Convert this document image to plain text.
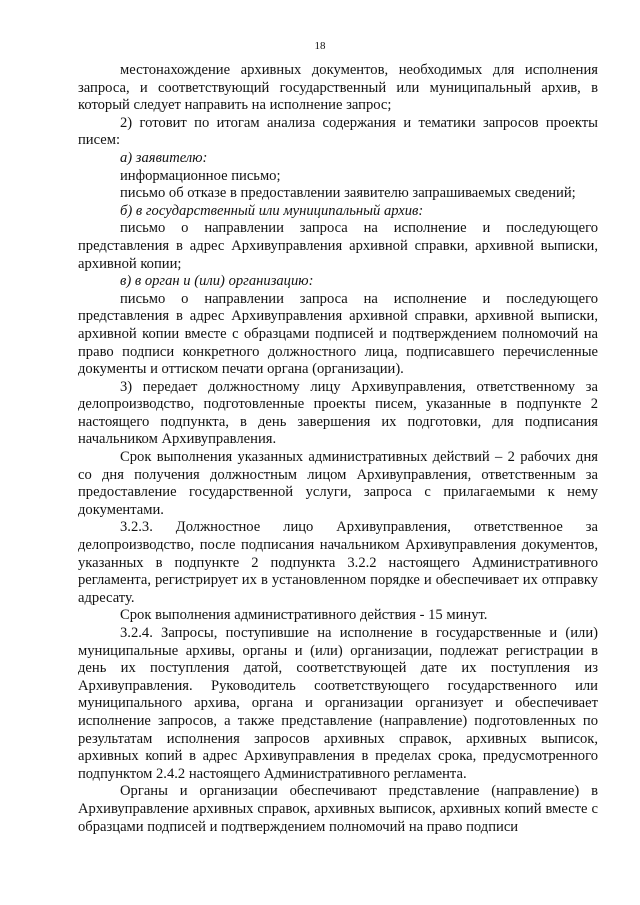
18

местонахождение архивных документов, необходимых для исполнения запроса, и соответствующий государственный или муниципальный архив, в который следует направить на исполнение запрос;

2) готовит по итогам анализа содержания и тематики запросов проекты писем:

а) заявителю:

информационное письмо;

письмо об отказе в предоставлении заявителю запрашиваемых сведений;

б) в государственный или муниципальный архив:

письмо о направлении запроса на исполнение и последующего представления в адрес Архивуправления архивной справки, архивной выписки, архивной копии;

в) в орган и (или) организацию:

письмо о направлении запроса на исполнение и последующего представления в адрес Архивуправления архивной справки, архивной выписки, архивной копии вместе с образцами подписей и подтверждением полномочий на право подписи конкретного должностного лица, подписавшего перечисленные документы и оттиском печати органа (организации).

3) передает должностному лицу Архивуправления, ответственному за делопроизводство, подготовленные проекты писем, указанные в подпункте 2 настоящего подпункта, в день завершения их подготовки, для подписания начальником Архивуправления.

Срок выполнения указанных административных действий – 2 рабочих дня со дня получения должностным лицом Архивуправления, ответственным за предоставление государственной услуги, запроса с прилагаемыми к нему документами.

3.2.3. Должностное лицо Архивуправления, ответственное за делопроизводство, после подписания начальником Архивуправления документов, указанных в подпункте 2 подпункта 3.2.2 настоящего Административного регламента, регистрирует их в установленном порядке и обеспечивает их отправку адресату.

Срок выполнения административного действия - 15 минут.

3.2.4. Запросы, поступившие на исполнение в государственные и (или) муниципальные архивы, органы и (или) организации, подлежат регистрации в день их поступления датой, соответствующей дате их поступления из Архивуправления. Руководитель соответствующего государственного или муниципального архива, органа и организации организует и обеспечивает исполнение запросов, а также представление (направление) подготовленных по результатам исполнения запросов архивных справок, архивных выписок, архивных копий в адрес Архивуправления в пределах срока, предусмотренного подпунктом 2.4.2 настоящего Административного регламента.

Органы и организации обеспечивают представление (направление) в Архивуправление архивных справок, архивных выписок, архивных копий вместе с образцами подписей и подтверждением полномочий на право подписи
